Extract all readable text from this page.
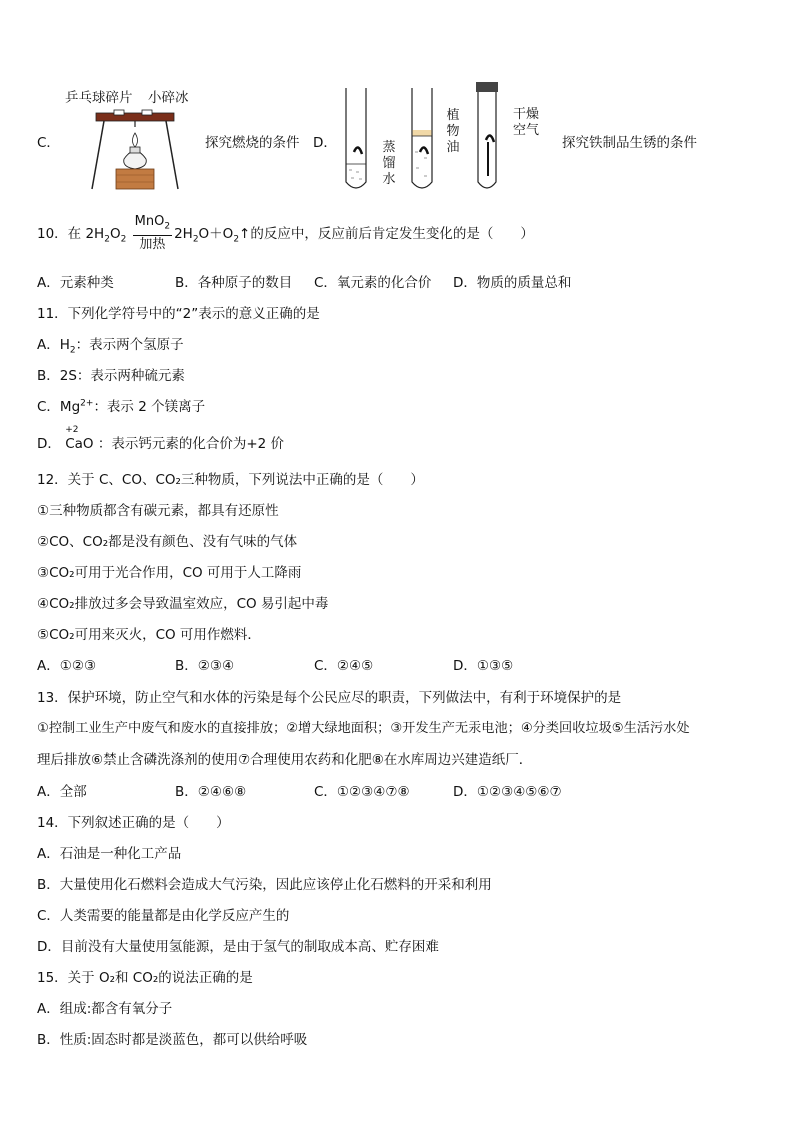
乒乓球碎片 小碎冰
C．	探究燃烧的条件 D．	蒸馏水
植物油
干燥空气
探究铁制品生锈的条件
10．在 $2H_2O_2 \frac{MnO_2}{\text{加热}}$ $2H_2O+O_2↑$的反应中，反应前后肯定发生变化的是（　　）
A．元素种类	B．各种原子的数目 C．氧元素的化合价 D．物质的质量总和
11．下列化学符号中的“2”表示的意义正确的是
A．$H_2$：表示两个氢原子
B．2S：表示两种硫元素
C．$Mg^{2+}$：表示 2 个镁离子
D．
+2
CaO ：表示钙元素的化合价为+2 价
12．关于 C、CO、CO₂三种物质，下列说法中正确的是（　　）
①三种物质都含有碳元素，都具有还原性
②CO、CO₂都是没有颜色、没有气味的气体
③CO₂可用于光合作用，CO 可用于人工降雨
④CO₂排放过多会导致温室效应，CO 易引起中毒
⑤CO₂可用来灭火，CO 可用作燃料．
A．①②③	B．②③④	C．②④⑤	D．①③⑤
13．保护环境，防止空气和水体的污染是每个公民应尽的职责，下列做法中，有利于环境保护的是
①控制工业生产中废气和废水的直接排放；②增大绿地面积；③开发生产无汞电池；④分类回收垃圾⑤生活污水处
理后排放⑥禁止含磷洗涤剂的使用⑦合理使用农药和化肥⑧在水库周边兴建造纸厂．
A．全部	B．②④⑥⑧	C．①②③④⑦⑧	D．①②③④⑤⑥⑦
14．下列叙述正确的是（　　）
A．石油是一种化工产品
B．大量使用化石燃料会造成大气污染，因此应该停止化石燃料的开采和利用
C．人类需要的能量都是由化学反应产生的
D．目前没有大量使用氢能源，是由于氢气的制取成本高、贮存困难
15．关于 O₂和 CO₂的说法正确的是
A．组成:都含有氧分子
B．性质:固态时都是淡蓝色，都可以供给呼吸
